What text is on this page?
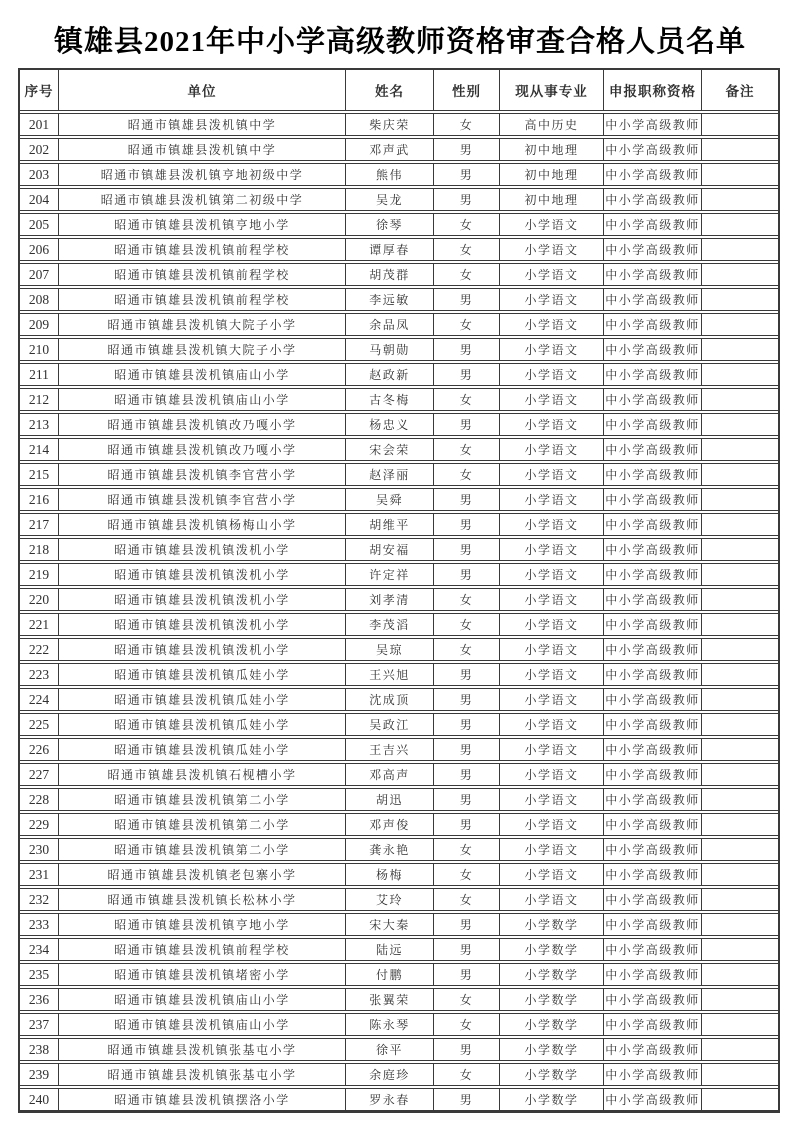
镇雄县2021年中小学高级教师资格审查合格人员名单
序号	单位	姓名	性别	现从事专业	申报职称资格	备注
201	昭通市镇雄县泼机镇中学	柴庆荣	女	高中历史	中小学高级教师
202	昭通市镇雄县泼机镇中学	邓声武	男	初中地理	中小学高级教师
203	昭通市镇雄县泼机镇亨地初级中学	熊伟	男	初中地理	中小学高级教师
204	昭通市镇雄县泼机镇第二初级中学	吴龙	男	初中地理	中小学高级教师
205	昭通市镇雄县泼机镇亨地小学	徐琴	女	小学语文	中小学高级教师
206	昭通市镇雄县泼机镇前程学校	谭厚春	女	小学语文	中小学高级教师
207	昭通市镇雄县泼机镇前程学校	胡茂群	女	小学语文	中小学高级教师
208	昭通市镇雄县泼机镇前程学校	李远敏	男	小学语文	中小学高级教师
209	昭通市镇雄县泼机镇大院子小学	余品凤	女	小学语文	中小学高级教师
210	昭通市镇雄县泼机镇大院子小学	马朝勋	男	小学语文	中小学高级教师
211	昭通市镇雄县泼机镇庙山小学	赵政新	男	小学语文	中小学高级教师
212	昭通市镇雄县泼机镇庙山小学	古冬梅	女	小学语文	中小学高级教师
213	昭通市镇雄县泼机镇改乃嘎小学	杨忠义	男	小学语文	中小学高级教师
214	昭通市镇雄县泼机镇改乃嘎小学	宋会荣	女	小学语文	中小学高级教师
215	昭通市镇雄县泼机镇李官营小学	赵泽丽	女	小学语文	中小学高级教师
216	昭通市镇雄县泼机镇李官营小学	吴舜	男	小学语文	中小学高级教师
217	昭通市镇雄县泼机镇杨梅山小学	胡维平	男	小学语文	中小学高级教师
218	昭通市镇雄县泼机镇泼机小学	胡安福	男	小学语文	中小学高级教师
219	昭通市镇雄县泼机镇泼机小学	许定祥	男	小学语文	中小学高级教师
220	昭通市镇雄县泼机镇泼机小学	刘孝清	女	小学语文	中小学高级教师
221	昭通市镇雄县泼机镇泼机小学	李茂滔	女	小学语文	中小学高级教师
222	昭通市镇雄县泼机镇泼机小学	吴琼	女	小学语文	中小学高级教师
223	昭通市镇雄县泼机镇瓜娃小学	王兴旭	男	小学语文	中小学高级教师
224	昭通市镇雄县泼机镇瓜娃小学	沈成顶	男	小学语文	中小学高级教师
225	昭通市镇雄县泼机镇瓜娃小学	吴政江	男	小学语文	中小学高级教师
226	昭通市镇雄县泼机镇瓜娃小学	王吉兴	男	小学语文	中小学高级教师
227	昭通市镇雄县泼机镇石枧槽小学	邓高声	男	小学语文	中小学高级教师
228	昭通市镇雄县泼机镇第二小学	胡迅	男	小学语文	中小学高级教师
229	昭通市镇雄县泼机镇第二小学	邓声俊	男	小学语文	中小学高级教师
230	昭通市镇雄县泼机镇第二小学	龚永艳	女	小学语文	中小学高级教师
231	昭通市镇雄县泼机镇老包寨小学	杨梅	女	小学语文	中小学高级教师
232	昭通市镇雄县泼机镇长松林小学	艾玲	女	小学语文	中小学高级教师
233	昭通市镇雄县泼机镇亨地小学	宋大秦	男	小学数学	中小学高级教师
234	昭通市镇雄县泼机镇前程学校	陆远	男	小学数学	中小学高级教师
235	昭通市镇雄县泼机镇堵密小学	付鹏	男	小学数学	中小学高级教师
236	昭通市镇雄县泼机镇庙山小学	张翼荣	女	小学数学	中小学高级教师
237	昭通市镇雄县泼机镇庙山小学	陈永琴	女	小学数学	中小学高级教师
238	昭通市镇雄县泼机镇张基屯小学	徐平	男	小学数学	中小学高级教师
239	昭通市镇雄县泼机镇张基屯小学	余庭珍	女	小学数学	中小学高级教师
240	昭通市镇雄县泼机镇摆洛小学	罗永春	男	小学数学	中小学高级教师
